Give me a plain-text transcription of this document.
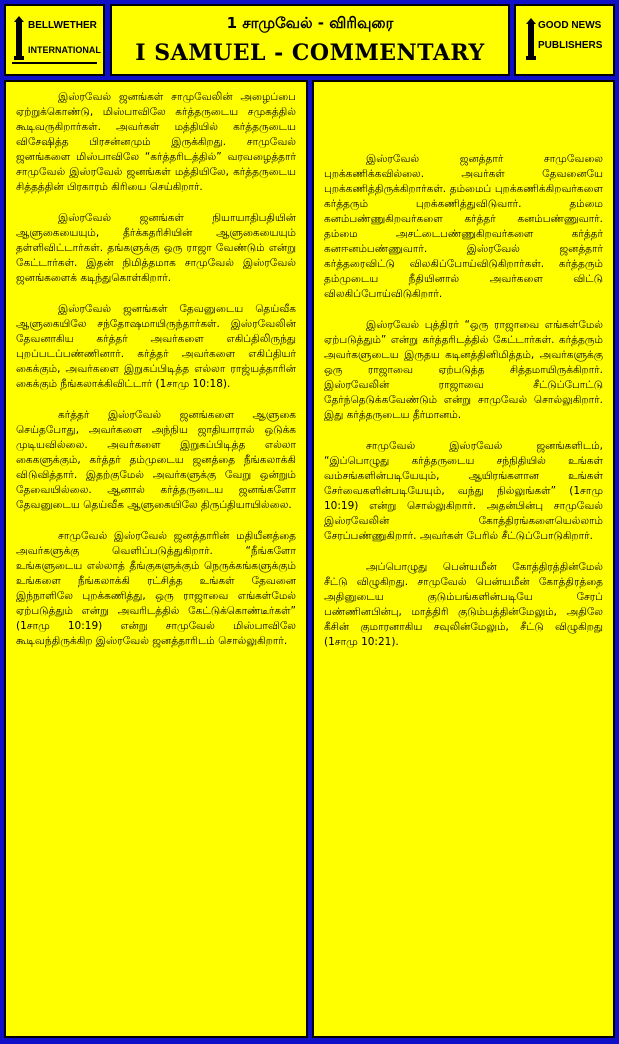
BELLWETHER
INTERNATIONAL
1 சாமுவேல் - விரிவுரை
I SAMUEL - COMMENTARY
GOOD NEWS
PUBLISHERS

இஸ்ரவேல் ஜனங்கள் சாமுவேலின் அழைப்பை ஏற்றுக்கொண்டு, மிஸ்பாவிலே கர்த்தருடைய சமுகத்தில் கூடிவருகிறார்கள். அவர்கள் மத்தியில் கர்த்தருடைய விசேஷித்த பிரசன்னமும் இருக்கிறது. சாமுவேல் ஜனங்களை மிஸ்பாவிலே “கர்த்தரிடத்தில்” வரவழைத்தார் சாமுவேல் இஸ்ரவேல் ஜனங்கள் மத்தியிலே, கர்த்தருடைய சித்தத்தின் பிரகாரம் கிரியை செய்கிறார்.

இஸ்ரவேல் ஜனங்கள் நியாயாதிபதியின் ஆளுகையையும், தீர்க்கதரிசியின் ஆளுகையையும் தள்ளிவிட்டார்கள். தங்களுக்கு ஒரு ராஜா வேண்டும் என்று கேட்டார்கள். இதன் நிமித்தமாக சாமுவேல் இஸ்ரவேல் ஜனங்களைக் கடிந்துகொள்கிறார்.

இஸ்ரவேல் ஜனங்கள் தேவனுடைய தெய்வீக ஆளுகையிலே சந்தோஷமாயிருந்தார்கள். இஸ்ரவேலின் தேவனாகிய கர்த்தர் அவர்களை எகிப்திலிருந்து புறப்படப்பண்ணினார். கர்த்தர் அவர்களை எகிப்தியர் கைக்கும், அவர்களை இறுகப்பிடித்த எல்லா ராஜ்யத்தாரின் கைக்கும் நீங்கலாக்கிவிட்டார் (1சாமு 10:18).

கர்த்தர் இஸ்ரவேல் ஜனங்களை ஆளுகை செய்தபோது, அவர்களை அந்நிய ஜாதியாரால் ஒடுக்க முடியவில்லை. அவர்களை இறுகப்பிடித்த எல்லா கைகளுக்கும், கர்த்தர் தம்முடைய ஜனத்தை நீங்கலாக்கி விடுவித்தார். இதற்குமேல் அவர்களுக்கு வேறு ஒன்றும் தேவையில்லை. ஆனால் கர்த்தருடைய ஜனங்களோ தேவனுடைய தெய்வீக ஆளுகையிலே திருப்தியாயில்லை.

சாமுவேல் இஸ்ரவேல் ஜனத்தாரின் மதியீனத்தை அவர்களுக்கு வெளிப்படுத்துகிறார். “நீங்களோ உங்களுடைய எல்லாத் தீங்குகளுக்கும் நெருக்கங்களுக்கும் உங்களை நீங்கலாக்கி ரட்சித்த உங்கள் தேவனை இந்நாளிலே புறக்கணித்து, ஒரு ராஜாவை எங்கள்மேல் ஏற்படுத்தும் என்று அவரிடத்தில் கேட்டுக்கொண்டீர்கள்” (1சாமு 10:19) என்று சாமுவேல் மிஸ்பாவிலே கூடிவந்திருக்கிற இஸ்ரவேல் ஜனத்தாரிடம் சொல்லுகிறார்.

இஸ்ரவேல் ஜனத்தார் சாமுவேலை புறக்கணிக்கவில்லை. அவர்கள் தேவனையே புறக்கணித்திருக்கிறார்கள். தம்மைப் புறக்கணிக்கிறவர்களை கர்த்தரும் புறக்கணித்துவிடுவார். தம்மை கனம்பண்ணுகிறவர்களை கர்த்தர் கனம்பண்ணுவார். தம்மை அசட்டைபண்ணுகிறவர்களை கர்த்தர் கனஈனம்பண்ணுவார். இஸ்ரவேல் ஜனத்தார் கர்த்தரைவிட்டு விலகிப்போய்விடுகிறார்கள். கர்த்தரும் தம்முடைய நீதியினால் அவர்களை விட்டு விலகிப்போய்விடுகிறார்.

இஸ்ரவேல் புத்திரர் “ஒரு ராஜாவை எங்கள்மேல் ஏற்படுத்தும்” என்று கர்த்தரிடத்தில் கேட்டார்கள். கர்த்தரும் அவர்களுடைய இருதய கடினத்தினிமித்தம், அவர்களுக்கு ஒரு ராஜாவை ஏற்படுத்த சித்தமாயிருக்கிறார். இஸ்ரவேலின் ராஜாவை சீட்டுப்போட்டு தேர்ந்தெடுக்கவேண்டும் என்று சாமுவேல் சொல்லுகிறார். இது கர்த்தருடைய தீர்மானம்.

சாமுவேல் இஸ்ரவேல் ஜனங்களிடம், “இப்பொழுது கர்த்தருடைய சந்நிதியில் உங்கள் வம்சங்களின்படியேயும், ஆயிரங்களான உங்கள் சேர்வைகளின்படியேயும், வந்து நில்லுங்கள்” (1சாமு 10:19) என்று சொல்லுகிறார். அதன்பின்பு சாமுவேல் இஸ்ரவேலின் கோத்திரங்களையெல்லாம் சேரப்பண்ணுகிறார். அவர்கள் பேரில் சீட்டுப்போடுகிறார்.

அப்பொழுது பென்யமீன் கோத்திரத்தின்மேல் சீட்டு விழுகிறது. சாமுவேல் பென்யமீன் கோத்திரத்தை அதினுடைய குடும்பங்களின்படியே சேரப் பண்ணினபின்பு, மாத்திரி குடும்பத்தின்மேலும், அதிலே கீசின் குமாரனாகிய சவுலின்மேலும், சீட்டு விழுகிறது (1சாமு 10:21).
